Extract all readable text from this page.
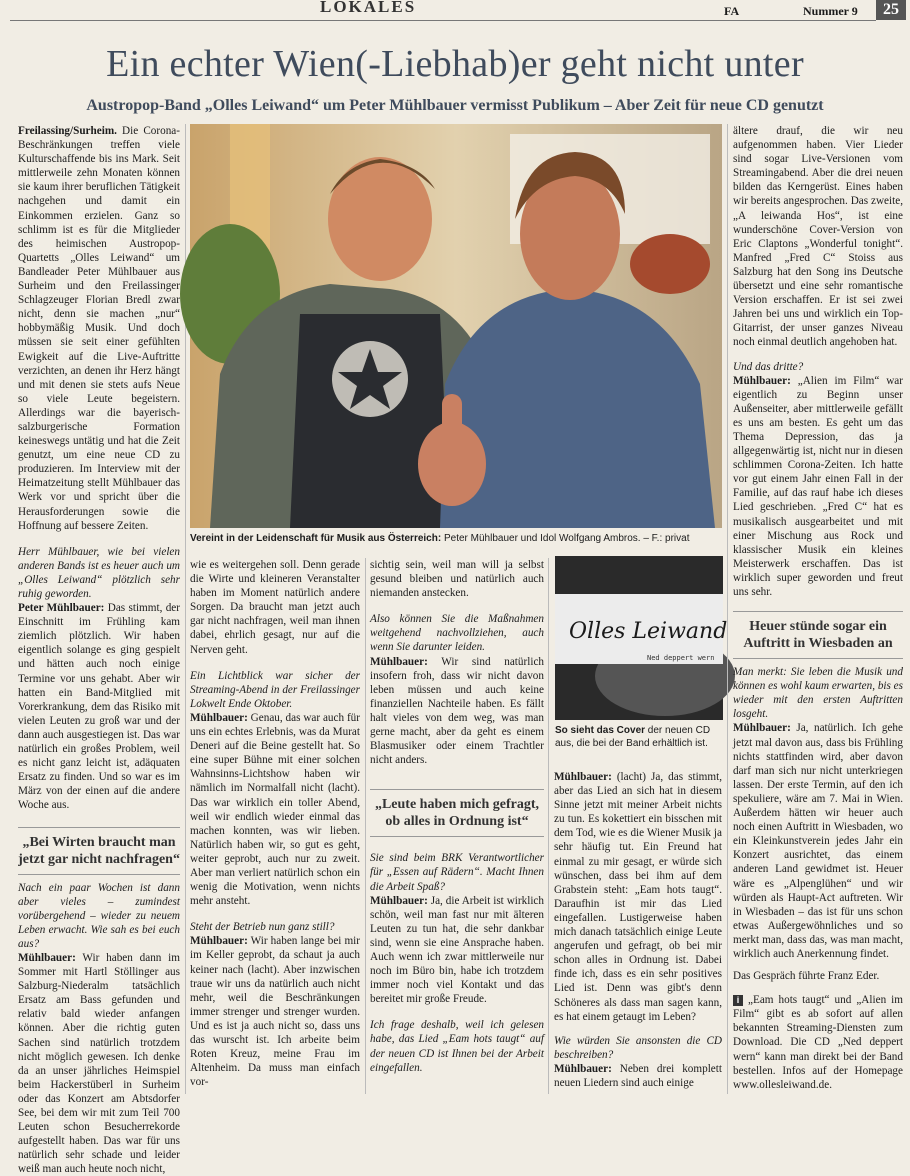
LOKALES	FA	Nummer 9	25
Ein echter Wien(-Liebhab)er geht nicht unter
Austropop-Band „Olles Leiwand“ um Peter Mühlbauer vermisst Publikum – Aber Zeit für neue CD genutzt

Freilassing/Surheim. Die Corona-Beschränkungen treffen viele Kulturschaffende bis ins Mark. Seit mittlerweile zehn Monaten können sie kaum ihrer beruflichen Tätigkeit nachgehen und damit ein Einkommen erzielen. Ganz so schlimm ist es für die Mitglieder des heimischen Austropop-Quartetts „Olles Leiwand“ um Bandleader Peter Mühlbauer aus Surheim und den Freilassinger Schlagzeuger Florian Bredl zwar nicht, denn sie machen „nur“ hobbymäßig Musik. Und doch müssen sie seit einer gefühlten Ewigkeit auf die Live-Auftritte verzichten, an denen ihr Herz hängt und mit denen sie stets aufs Neue so viele Leute begeistern. Allerdings war die bayerisch-salzburgerische Formation keineswegs untätig und hat die Zeit genutzt, um eine neue CD zu produzieren. Im Interview mit der Heimatzeitung stellt Mühlbauer das Werk vor und spricht über die Herausforderungen sowie die Hoffnung auf bessere Zeiten.

Herr Mühlbauer, wie bei vielen anderen Bands ist es heuer auch um „Olles Leiwand“ plötzlich sehr ruhig geworden.

Peter Mühlbauer: Das stimmt, der Einschnitt im Frühling kam ziemlich plötzlich. Wir haben eigentlich solange es ging gespielt und hätten auch noch einige Termine vor uns gehabt. Aber wir hatten ein Band-Mitglied mit Vorerkrankung, dem das Risiko mit vielen Leuten zu groß war und der dann auch ausgestiegen ist. Das war natürlich ein großes Problem, weil es nicht ganz leicht ist, adäquaten Ersatz zu finden. Und so war es im März von der einen auf die andere Woche aus.

„Bei Wirten braucht man jetzt gar nicht nachfragen“

Nach ein paar Wochen ist dann aber vieles – zumindest vorübergehend – wieder zu neuem Leben erwacht. Wie sah es bei euch aus?

Mühlbauer: Wir haben dann im Sommer mit Hartl Stöllinger aus Salzburg-Niederalm tatsächlich Ersatz am Bass gefunden und relativ bald wieder anfangen können. Aber die richtig guten Sachen sind natürlich trotzdem nicht möglich gewesen. Ich denke da an unser jährliches Heimspiel beim Hackerstüberl in Surheim oder das Konzert am Abtsdorfer See, bei dem wir mit zum Teil 700 Leuten schon Besucherrekorde aufgestellt haben. Das war für uns natürlich sehr schade und leider weiß man auch heute noch nicht,

Vereint in der Leidenschaft für Musik aus Österreich: Peter Mühlbauer und Idol Wolfgang Ambros. – F.: privat

wie es weitergehen soll. Denn gerade die Wirte und kleineren Veranstalter haben im Moment natürlich andere Sorgen. Da braucht man jetzt auch gar nicht nachfragen, weil man ihnen dabei, ehrlich gesagt, nur auf die Nerven geht.

Ein Lichtblick war sicher der Streaming-Abend in der Freilassinger Lokwelt Ende Oktober.

Mühlbauer: Genau, das war auch für uns ein echtes Erlebnis, was da Murat Deneri auf die Beine gestellt hat. So eine super Bühne mit einer solchen Wahnsinns-Lichtshow haben wir nämlich im Normalfall nicht (lacht). Das war wirklich ein toller Abend, weil wir endlich wieder einmal das machen konnten, was wir lieben. Natürlich haben wir, so gut es geht, weiter geprobt, auch nur zu zweit. Aber man verliert natürlich schon ein wenig die Motivation, wenn nichts mehr ansteht.

Steht der Betrieb nun ganz still?

Mühlbauer: Wir haben lange bei mir im Keller geprobt, da schaut ja auch keiner nach (lacht). Aber inzwischen traue wir uns da natürlich auch nicht mehr, weil die Beschränkungen immer strenger und strenger wurden. Und es ist ja auch nicht so, dass uns das wurscht ist. Ich arbeite beim Roten Kreuz, meine Frau im Altenheim. Da muss man einfach vor-

sichtig sein, weil man will ja selbst gesund bleiben und natürlich auch niemanden anstecken.

Also können Sie die Maßnahmen weitgehend nachvollziehen, auch wenn Sie darunter leiden.

Mühlbauer: Wir sind natürlich insofern froh, dass wir nicht davon leben müssen und auch keine finanziellen Nachteile haben. Es fällt halt vieles von dem weg, was man gerne macht, aber da geht es einem Blasmusiker oder einem Trachtler nicht anders.

„Leute haben mich gefragt, ob alles in Ordnung ist“

Sie sind beim BRK Verantwortlicher für „Essen auf Rädern“. Macht Ihnen die Arbeit Spaß?

Mühlbauer: Ja, die Arbeit ist wirklich schön, weil man fast nur mit älteren Leuten zu tun hat, die sehr dankbar sind, wenn sie eine Ansprache haben. Auch wenn ich zwar mittlerweile nur noch im Büro bin, habe ich trotzdem immer noch viel Kontakt und das bereitet mir große Freude.

Ich frage deshalb, weil ich gelesen habe, das Lied „Eam hots taugt“ auf der neuen CD ist Ihnen bei der Arbeit eingefallen.

Olles Leiwand
Ned deppert wern
So sieht das Cover der neuen CD aus, die bei der Band erhältlich ist.

Mühlbauer: (lacht) Ja, das stimmt, aber das Lied an sich hat in diesem Sinne jetzt mit meiner Arbeit nichts zu tun. Es kokettiert ein bisschen mit dem Tod, wie es die Wiener Musik ja sehr häufig tut. Ein Freund hat einmal zu mir gesagt, er würde sich wünschen, dass bei ihm auf dem Grabstein steht: „Eam hots taugt“. Daraufhin ist mir das Lied eingefallen. Lustigerweise haben mich danach tatsächlich einige Leute angerufen und gefragt, ob bei mir schon alles in Ordnung ist. Dabei finde ich, dass es ein sehr positives Lied ist. Denn was gibt's denn Schöneres als dass man sagen kann, es hat einem getaugt im Leben?

Wie würden Sie ansonsten die CD beschreiben?

Mühlbauer: Neben drei komplett neuen Liedern sind auch einige

ältere drauf, die wir neu aufgenommen haben. Vier Lieder sind sogar Live-Versionen vom Streamingabend. Aber die drei neuen bilden das Kerngerüst. Eines haben wir bereits angesprochen. Das zweite, „A leiwanda Hos“, ist eine wunderschöne Cover-Version von Eric Claptons „Wonderful tonight“. Manfred „Fred C“ Stoiss aus Salzburg hat den Song ins Deutsche übersetzt und eine sehr romantische Version erschaffen. Er ist sei zwei Jahren bei uns und wirklich ein Top-Gitarrist, der unser ganzes Niveau noch einmal deutlich angehoben hat.

Und das dritte?

Mühlbauer: „Alien im Film“ war eigentlich zu Beginn unser Außenseiter, aber mittlerweile gefällt es uns am besten. Es geht um das Thema Depression, das ja allgegenwärtig ist, nicht nur in diesen schlimmen Corona-Zeiten. Ich hatte vor gut einem Jahr einen Fall in der Familie, auf das rauf habe ich dieses Lied geschrieben. „Fred C“ hat es musikalisch ausgearbeitet und mit einer Mischung aus Rock und klassischer Musik ein kleines Meisterwerk erschaffen. Das ist wirklich super geworden und freut uns sehr.

Heuer stünde sogar ein Auftritt in Wiesbaden an

Man merkt: Sie leben die Musik und können es wohl kaum erwarten, bis es wieder mit den ersten Auftritten losgeht.

Mühlbauer: Ja, natürlich. Ich gehe jetzt mal davon aus, dass bis Frühling nichts stattfinden wird, aber davon darf man sich nur nicht unterkriegen lassen. Der erste Termin, auf den ich spekuliere, wäre am 7. Mai in Wien. Außerdem hätten wir heuer auch noch einen Auftritt in Wiesbaden, wo ein Kleinkunstverein jedes Jahr ein Konzert ausrichtet, das einem anderen Land gewidmet ist. Heuer wäre es „Alpenglühen“ und wir würden als Haupt-Act auftreten. Wir in Wiesbaden – das ist für uns schon etwas Außergewöhnliches und so merkt man, dass das, was man macht, wirklich auch Anerkennung findet.

Das Gespräch führte Franz Eder.

i „Eam hots taugt“ und „Alien im Film“ gibt es ab sofort auf allen bekannten Streaming-Diensten zum Download. Die CD „Ned deppert wern“ kann man direkt bei der Band bestellen. Infos auf der Homepage www.ollesleiwand.de.
